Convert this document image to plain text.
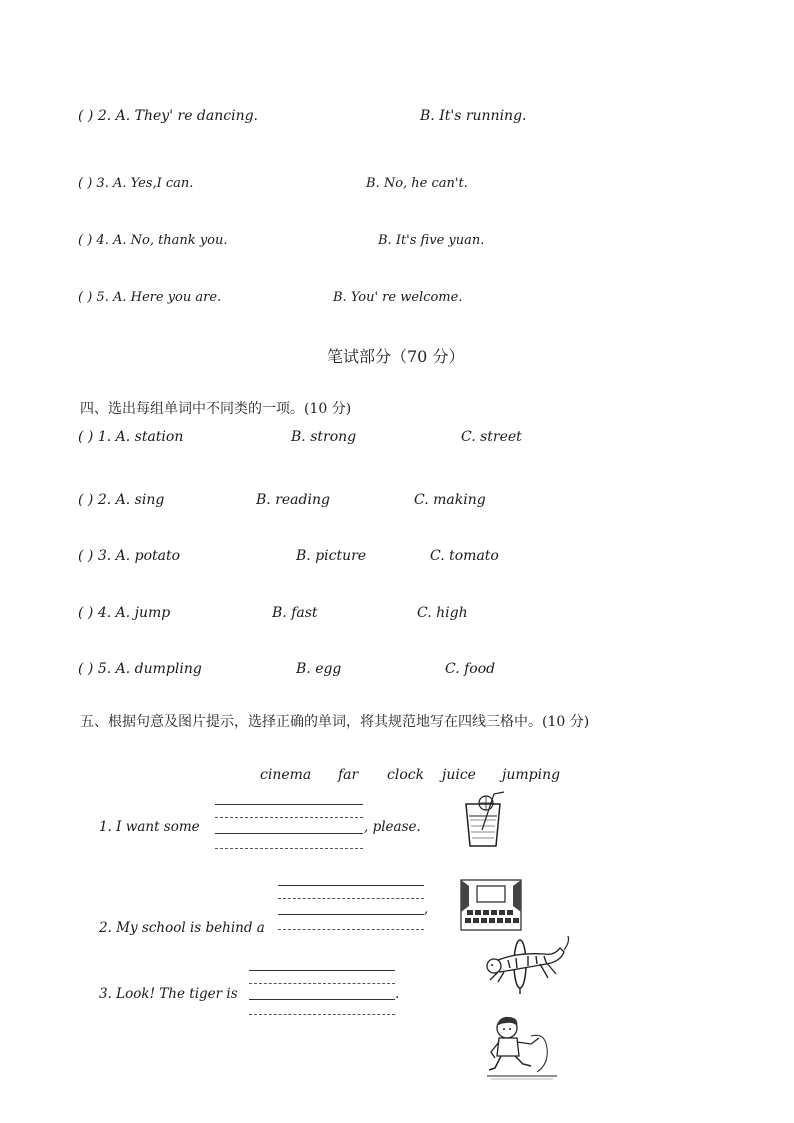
( ) 2. A. They' re dancing.	B. It's running.
( ) 3. A. Yes,I can.	B. No, he can't.
( ) 4. A. No, thank you.	B. It's five yuan.
( ) 5. A. Here you are.	B. You' re welcome.
笔试部分（70 分）
四、选出每组单词中不同类的一项。(10 分)
( ) 1. A. station	B. strong	C. street
( ) 2. A. sing	B. reading	C. making
( ) 3. A. potato	B. picture	C. tomato
( ) 4. A. jump	B. fast	C. high
( ) 5. A. dumpling	B. egg	C. food
五、根据句意及图片提示，选择正确的单词，将其规范地写在四线三格中。(10 分)
cinema far clock juice jumping
1. I want some	, please.
,
2. My school is behind a
3. Look! The tiger is	.
